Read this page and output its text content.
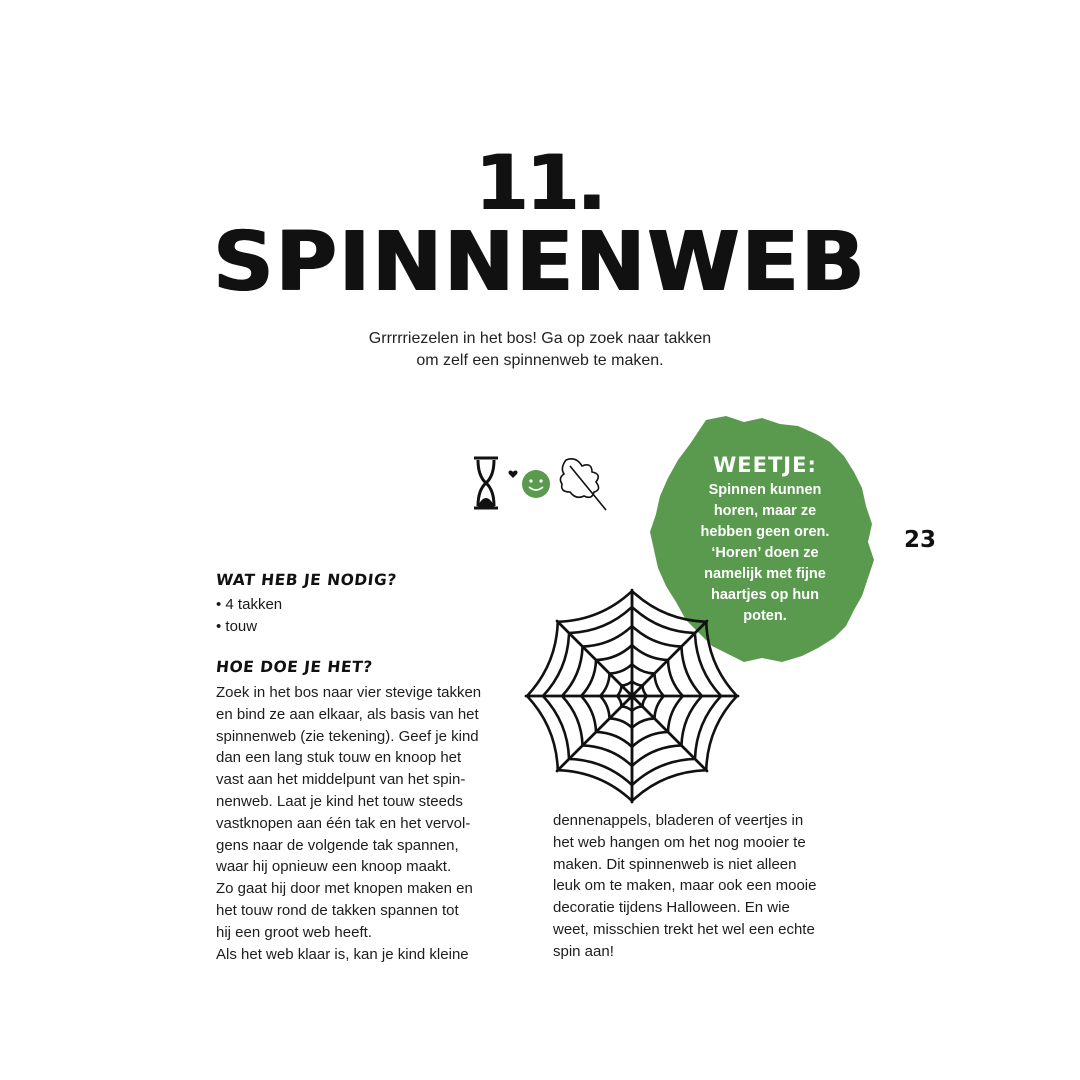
11.
SPINNENWEB
Grrrrriezelen in het bos! Ga op zoek naar takken
om zelf een spinnenweb te maken.
WEETJE:
Spinnen kunnen
horen, maar ze
hebben geen oren.
‘Horen’ doen ze
namelijk met fijne
haartjes op hun
poten.
23
WAT HEB JE NODIG?
• 4 takken
• touw
HOE DOE JE HET?
Zoek in het bos naar vier stevige takken
en bind ze aan elkaar, als basis van het
spinnenweb (zie tekening). Geef je kind
dan een lang stuk touw en knoop het
vast aan het middelpunt van het spin-
nenweb. Laat je kind het touw steeds
vastknopen aan één tak en het vervol-
gens naar de volgende tak spannen,
waar hij opnieuw een knoop maakt.
Zo gaat hij door met knopen maken en
het touw rond de takken spannen tot
hij een groot web heeft.
Als het web klaar is, kan je kind kleine
dennenappels, bladeren of veertjes in
het web hangen om het nog mooier te
maken. Dit spinnenweb is niet alleen
leuk om te maken, maar ook een mooie
decoratie tijdens Halloween. En wie
weet, misschien trekt het wel een echte
spin aan!
